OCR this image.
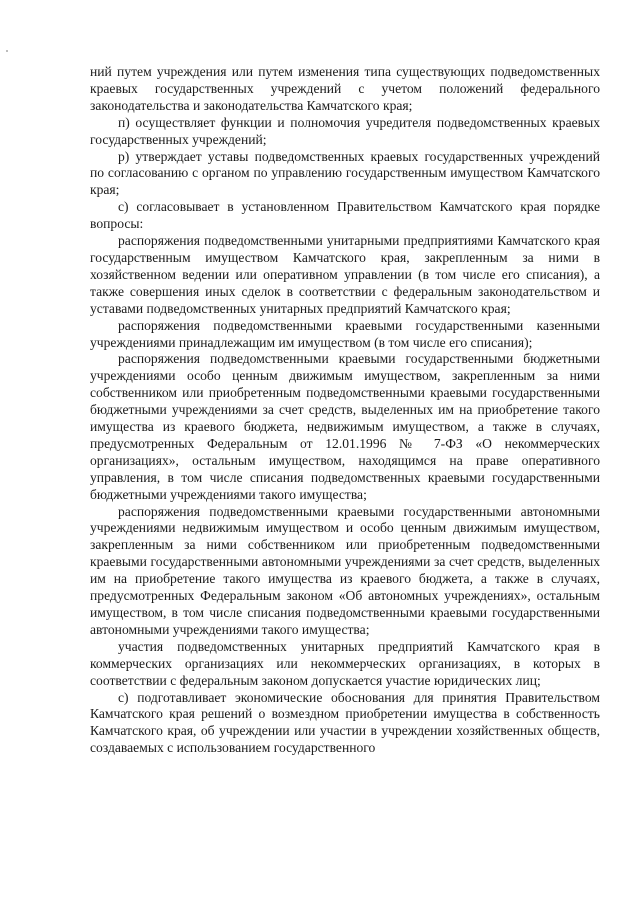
ний путем учреждения или путем изменения типа существующих подведомственных краевых государственных учреждений с учетом положений федерального законодательства и законодательства Камчатского края;

п) осуществляет функции и полномочия учредителя подведомственных краевых государственных учреждений;

р) утверждает уставы подведомственных краевых государственных учреждений по согласованию с органом по управлению государственным имуществом Камчатского края;

с) согласовывает в установленном Правительством Камчатского края порядке вопросы:

распоряжения подведомственными унитарными предприятиями Камчатского края государственным имуществом Камчатского края, закрепленным за ними в хозяйственном ведении или оперативном управлении (в том числе его списания), а также совершения иных сделок в соответствии с федеральным законодательством и уставами подведомственных унитарных предприятий Камчатского края;

распоряжения подведомственными краевыми государственными казенными учреждениями принадлежащим им имуществом (в том числе его списания);

распоряжения подведомственными краевыми государственными бюджетными учреждениями особо ценным движимым имуществом, закрепленным за ними собственником или приобретенным подведомственными краевыми государственными бюджетными учреждениями за счет средств, выделенных им на приобретение такого имущества из краевого бюджета, недвижимым имуществом, а также в случаях, предусмотренных Федеральным от 12.01.1996 № 7-ФЗ «О некоммерческих организациях», остальным имуществом, находящимся на праве оперативного управления, в том числе списания подведомственных краевыми государственными бюджетными учреждениями такого имущества;

распоряжения подведомственными краевыми государственными автономными учреждениями недвижимым имуществом и особо ценным движимым имуществом, закрепленным за ними собственником или приобретенным подведомственными краевыми государственными автономными учреждениями за счет средств, выделенных им на приобретение такого имущества из краевого бюджета, а также в случаях, предусмотренных Федеральным законом «Об автономных учреждениях», остальным имуществом, в том числе списания подведомственными краевыми государственными автономными учреждениями такого имущества;

участия подведомственных унитарных предприятий Камчатского края в коммерческих организациях или некоммерческих организациях, в которых в соответствии с федеральным законом допускается участие юридических лиц;

с) подготавливает экономические обоснования для принятия Правительством Камчатского края решений о возмездном приобретении имущества в собственность Камчатского края, об учреждении или участии в учреждении хозяйственных обществ, создаваемых с использованием государственного
